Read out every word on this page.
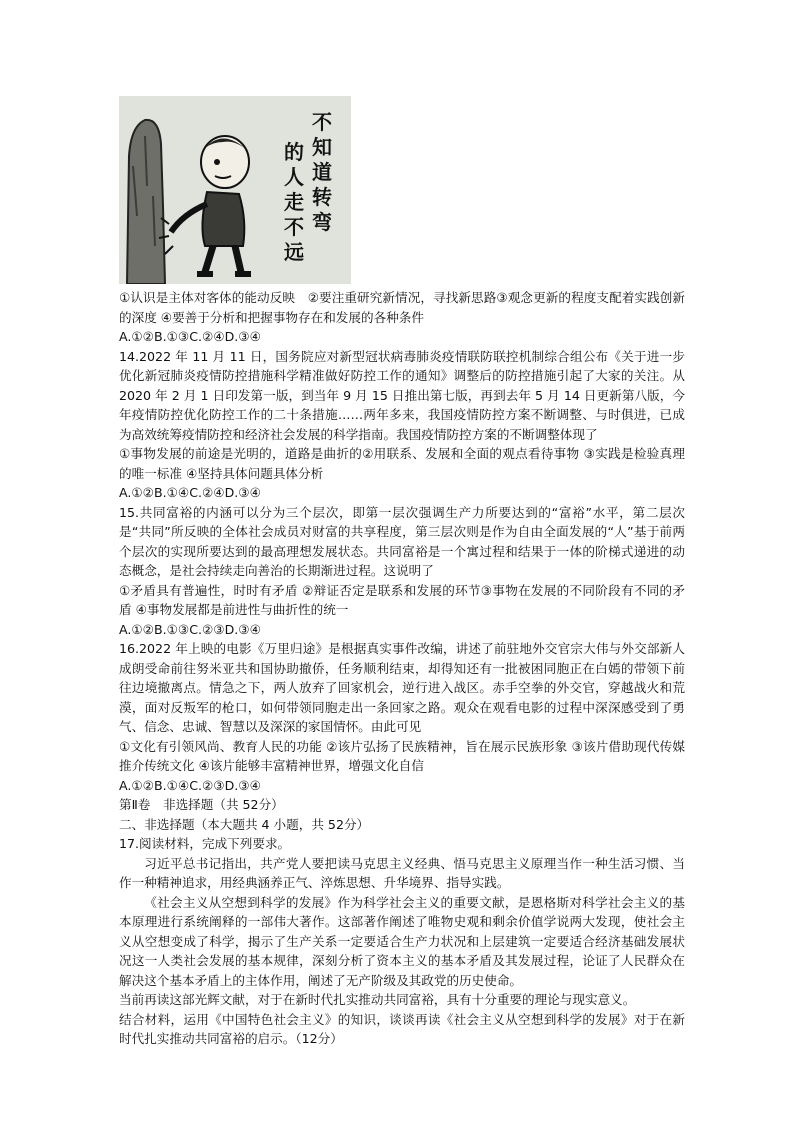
不知道转弯
的人走不远

①认识是主体对客体的能动反映　②要注重研究新情况，寻找新思路③观念更新的程度支配着实践创新的深度 ④要善于分析和把握事物存在和发展的各种条件

A.①②B.①③C.②④D.③④

14.2022 年 11 月 11 日，国务院应对新型冠状病毒肺炎疫情联防联控机制综合组公布《关于进一步优化新冠肺炎疫情防控措施科学精准做好防控工作的通知》调整后的防控措施引起了大家的关注。从 2020 年 2 月 1 日印发第一版，到当年 9 月 15 日推出第七版，再到去年 5 月 14 日更新第八版，今年疫情防控优化防控工作的二十条措施……两年多来，我国疫情防控方案不断调整、与时俱进，已成为高效统筹疫情防控和经济社会发展的科学指南。我国疫情防控方案的不断调整体现了

①事物发展的前途是光明的，道路是曲折的②用联系、发展和全面的观点看待事物 ③实践是检验真理的唯一标准 ④坚持具体问题具体分析

A.①②B.①④C.②④D.③④

15.共同富裕的内涵可以分为三个层次，即第一层次强调生产力所要达到的“富裕”水平，第二层次是“共同”所反映的全体社会成员对财富的共享程度，第三层次则是作为自由全面发展的“人”基于前两个层次的实现所要达到的最高理想发展状态。共同富裕是一个寓过程和结果于一体的阶梯式递进的动态概念，是社会持续走向善治的长期渐进过程。这说明了

①矛盾具有普遍性，时时有矛盾 ②辩证否定是联系和发展的环节③事物在发展的不同阶段有不同的矛盾 ④事物发展都是前进性与曲折性的统一

A.①②B.①③C.②③D.③④

16.2022 年上映的电影《万里归途》是根据真实事件改编，讲述了前驻地外交官宗大伟与外交部新人成朗受命前往努米亚共和国协助撤侨，任务顺利结束，却得知还有一批被困同胞正在白嫣的带领下前往边境撤离点。情急之下，两人放弃了回家机会，逆行进入战区。赤手空拳的外交官，穿越战火和荒漠，面对反叛军的枪口，如何带领同胞走出一条回家之路。观众在观看电影的过程中深深感受到了勇气、信念、忠诚、智慧以及深深的家国情怀。由此可见

①文化有引领风尚、教育人民的功能 ②该片弘扬了民族精神，旨在展示民族形象 ③该片借助现代传媒推介传统文化 ④该片能够丰富精神世界，增强文化自信

A.①②B.①④C.②③D.③④
第Ⅱ卷　非选择题（共 52分）
二、非选择题（本大题共 4 小题，共 52分）
17.阅读材料，完成下列要求。

习近平总书记指出，共产党人要把读马克思主义经典、悟马克思主义原理当作一种生活习惯、当作一种精神追求，用经典涵养正气、淬炼思想、升华境界、指导实践。

《社会主义从空想到科学的发展》作为科学社会主义的重要文献，是恩格斯对科学社会主义的基本原理进行系统阐释的一部伟大著作。这部著作阐述了唯物史观和剩余价值学说两大发现，使社会主义从空想变成了科学，揭示了生产关系一定要适合生产力状况和上层建筑一定要适合经济基础发展状况这一人类社会发展的基本规律，深刻分析了资本主义的基本矛盾及其发展过程，论证了人民群众在解决这个基本矛盾上的主体作用，阐述了无产阶级及其政党的历史使命。

当前再读这部光辉文献，对于在新时代扎实推动共同富裕，具有十分重要的理论与现实意义。

结合材料，运用《中国特色社会主义》的知识，谈谈再读《社会主义从空想到科学的发展》对于在新时代扎实推动共同富裕的启示。（12分）
